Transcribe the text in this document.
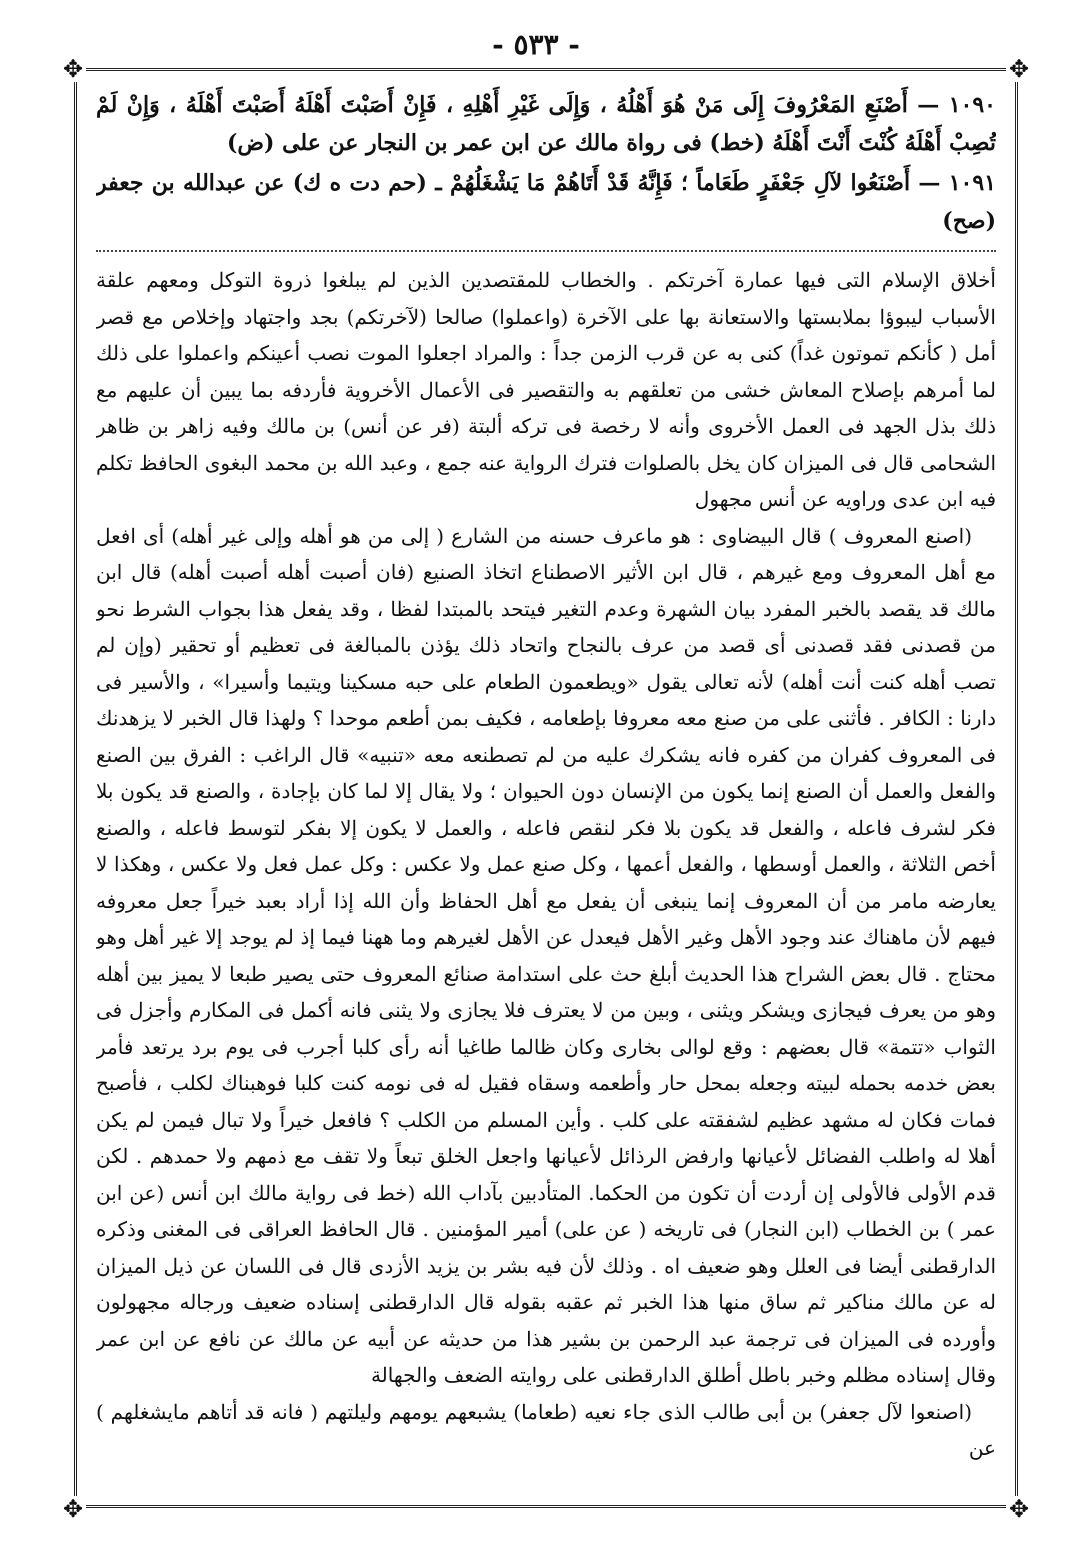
- ٥٣٣ -
✥	✥
✥	✥

١٠٩٠ — أَصْنَعِ المَعْرُوفَ إِلَى مَنْ هُوَ أَهْلُهُ ، وَإِلَى غَيْرِ أَهْلِهِ ، فَإِنْ أَصَبْتَ أَهْلَهُ أَصَبْتَ أَهْلَهُ ، وَإِنْ لَمْ تُصِبْ أَهْلَهُ كُنْتَ أَنْتَ أَهْلَهُ (خط) فى رواة مالك عن ابن عمر بن النجار عن على (ض)

١٠٩١ — أَصْنَعُوا لآلِ جَعْفَرٍ طَعَاماً ؛ فَإِنَّهُ قَدْ أَتَاهُمْ مَا يَشْغَلُهُمْ ـ (حم دت ه ك) عن عبدالله بن جعفر (صح)

أخلاق الإسلام التى فيها عمارة آخرتكم . والخطاب للمقتصدين الذين لم يبلغوا ذروة التوكل ومعهم علقة الأسباب ليبوؤا بملابستها والاستعانة بها على الآخرة (واعملوا) صالحا (لآخرتكم) بجد واجتهاد وإخلاص مع قصر أمل ( كأنكم تموتون غداً) كنى به عن قرب الزمن جداً : والمراد اجعلوا الموت نصب أعينكم واعملوا على ذلك لما أمرهم بإصلاح المعاش خشى من تعلقهم به والتقصير فى الأعمال الأخروية فأردفه بما يبين أن عليهم مع ذلك بذل الجهد فى العمل الأخروى وأنه لا رخصة فى تركه ألبتة (فر عن أنس) بن مالك وفيه زاهر بن ظاهر الشحامى قال فى الميزان كان يخل بالصلوات فترك الرواية عنه جمع ، وعبد الله بن محمد البغوى الحافظ تكلم فيه ابن عدى وراويه عن أنس مجهول

(اصنع المعروف ) قال البيضاوى : هو ماعرف حسنه من الشارع ( إلى من هو أهله وإلى غير أهله) أى افعل مع أهل المعروف ومع غيرهم ، قال ابن الأثير الاصطناع اتخاذ الصنيع (فان أصبت أهله أصبت أهله) قال ابن مالك قد يقصد بالخبر المفرد بيان الشهرة وعدم التغير فيتحد بالمبتدا لفظا ، وقد يفعل هذا بجواب الشرط نحو من قصدنى فقد قصدنى أى قصد من عرف بالنجاح واتحاد ذلك يؤذن بالمبالغة فى تعظيم أو تحقير (وإن لم تصب أهله كنت أنت أهله) لأنه تعالى يقول «ويطعمون الطعام على حبه مسكينا ويتيما وأسيرا» ، والأسير فى دارنا : الكافر . فأثنى على من صنع معه معروفا بإطعامه ، فكيف بمن أطعم موحدا ؟ ولهذا قال الخبر لا يزهدنك فى المعروف كفران من كفره فانه يشكرك عليه من لم تصطنعه معه «تنبيه» قال الراغب : الفرق بين الصنع والفعل والعمل أن الصنع إنما يكون من الإنسان دون الحيوان ؛ ولا يقال إلا لما كان بإجادة ، والصنع قد يكون بلا فكر لشرف فاعله ، والفعل قد يكون بلا فكر لنقص فاعله ، والعمل لا يكون إلا بفكر لتوسط فاعله ، والصنع أخص الثلاثة ، والعمل أوسطها ، والفعل أعمها ، وكل صنع عمل ولا عكس : وكل عمل فعل ولا عكس ، وهكذا لا يعارضه مامر من أن المعروف إنما ينبغى أن يفعل مع أهل الحفاظ وأن الله إذا أراد بعبد خيراً جعل معروفه فيهم لأن ماهناك عند وجود الأهل وغير الأهل فيعدل عن الأهل لغيرهم وما ههنا فيما إذ لم يوجد إلا غير أهل وهو محتاج . قال بعض الشراح هذا الحديث أبلغ حث على استدامة صنائع المعروف حتى يصير طبعا لا يميز بين أهله وهو من يعرف فيجازى ويشكر ويثنى ، وبين من لا يعترف فلا يجازى ولا يثنى فانه أكمل فى المكارم وأجزل فى الثواب «تتمة» قال بعضهم : وقع لوالى بخارى وكان ظالما طاغيا أنه رأى كلبا أجرب فى يوم برد يرتعد فأمر بعض خدمه بحمله لبيته وجعله بمحل حار وأطعمه وسقاه فقيل له فى نومه كنت كلبا فوهبناك لكلب ، فأصبح فمات فكان له مشهد عظيم لشفقته على كلب . وأين المسلم من الكلب ؟ فافعل خيراً ولا تبال فيمن لم يكن أهلا له واطلب الفضائل لأعيانها وارفض الرذائل لأعيانها واجعل الخلق تبعاً ولا تقف مع ذمهم ولا حمدهم . لكن قدم الأولى فالأولى إن أردت أن تكون من الحكما. المتأدبين بآداب الله (خط فى رواية مالك ابن أنس (عن ابن عمر ) بن الخطاب (ابن النجار) فى تاريخه ( عن على) أمير المؤمنين . قال الحافظ العراقى فى المغنى وذكره الدارقطنى أيضا فى العلل وهو ضعيف اه . وذلك لأن فيه بشر بن يزيد الأزدى قال فى اللسان عن ذيل الميزان له عن مالك مناكير ثم ساق منها هذا الخبر ثم عقبه بقوله قال الدارقطنى إسناده ضعيف ورجاله مجهولون وأورده فى الميزان فى ترجمة عبد الرحمن بن بشير هذا من حديثه عن أبيه عن مالك عن نافع عن ابن عمر وقال إسناده مظلم وخبر باطل أطلق الدارقطنى على روايته الضعف والجهالة

(اصنعوا لآل جعفر) بن أبى طالب الذى جاء نعيه (طعاما) يشبعهم يومهم وليلتهم ( فانه قد أتاهم مايشغلهم ) عن
